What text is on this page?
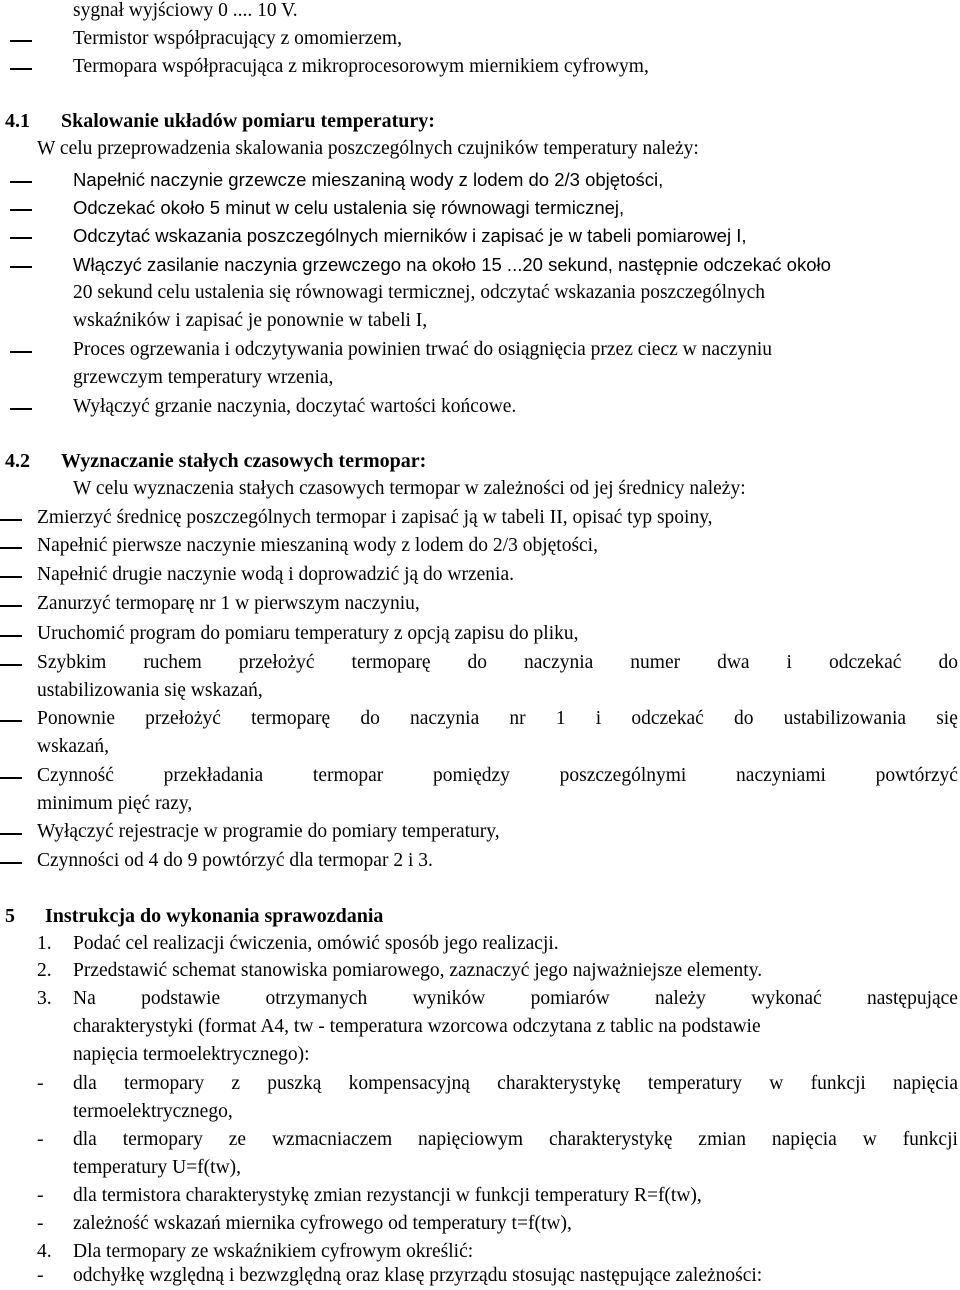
sygnał wyjściowy 0 .... 10 V.
Termistor współpracujący z omomierzem,
Termopara współpracująca z mikroprocesorowym miernikiem cyfrowym,
4.1 Skalowanie układów pomiaru temperatury:
W celu przeprowadzenia skalowania poszczególnych czujników temperatury należy:
Napełnić naczynie grzewcze mieszaniną wody z lodem do 2/3 objętości,
Odczekać około 5 minut w celu ustalenia się równowagi termicznej,
Odczytać wskazania poszczególnych mierników i zapisać je w tabeli pomiarowej I,
Włączyć zasilanie naczynia grzewczego na około 15 ...20 sekund, następnie odczekać około
20 sekund celu ustalenia się równowagi termicznej, odczytać wskazania poszczególnych
wskaźników i zapisać je ponownie w tabeli I,
Proces ogrzewania i odczytywania powinien trwać do osiągnięcia przez ciecz w naczyniu
grzewczym temperatury wrzenia,
Wyłączyć grzanie naczynia, doczytać wartości końcowe.
4.2 Wyznaczanie stałych czasowych termopar:
W celu wyznaczenia stałych czasowych termopar w zależności od jej średnicy należy:
Zmierzyć średnicę poszczególnych termopar i zapisać ją w tabeli II, opisać typ spoiny,
Napełnić pierwsze naczynie mieszaniną wody z lodem do 2/3 objętości,
Napełnić drugie naczynie wodą i doprowadzić ją do wrzenia.
Zanurzyć termoparę nr 1 w pierwszym naczyniu,
Uruchomić program do pomiaru temperatury z opcją zapisu do pliku,
Szybkim ruchem przełożyć termoparę do naczynia numer dwa i odczekać do
ustabilizowania się wskazań,
Ponownie przełożyć termoparę do naczynia nr 1 i odczekać do ustabilizowania się
wskazań,
Czynność	przekładania	termopar	pomiędzy	poszczególnymi	naczyniami	powtórzyć
minimum pięć razy,
Wyłączyć rejestracje w programie do pomiary temperatury,
Czynności od 4 do 9 powtórzyć dla termopar 2 i 3.
5 Instrukcja do wykonania sprawozdania
1. Podać cel realizacji ćwiczenia, omówić sposób jego realizacji.
2. Przedstawić schemat stanowiska pomiarowego, zaznaczyć jego najważniejsze elementy.
3. Na podstawie otrzymanych wyników pomiarów należy wykonać następujące
charakterystyki (format A4, tw - temperatura wzorcowa odczytana z tablic na podstawie
napięcia termoelektrycznego):
- dla termopary z puszką kompensacyjną charakterystykę temperatury w funkcji napięcia
termoelektrycznego,
- dla termopary ze wzmacniaczem napięciowym charakterystykę zmian napięcia w funkcji
temperatury U=f(tw),
- dla termistora charakterystykę zmian rezystancji w funkcji temperatury R=f(tw),
- zależność wskazań miernika cyfrowego od temperatury t=f(tw),
4. Dla termopary ze wskaźnikiem cyfrowym określić:
- odchyłkę względną i bezwzględną oraz klasę przyrządu stosując następujące zależności:
